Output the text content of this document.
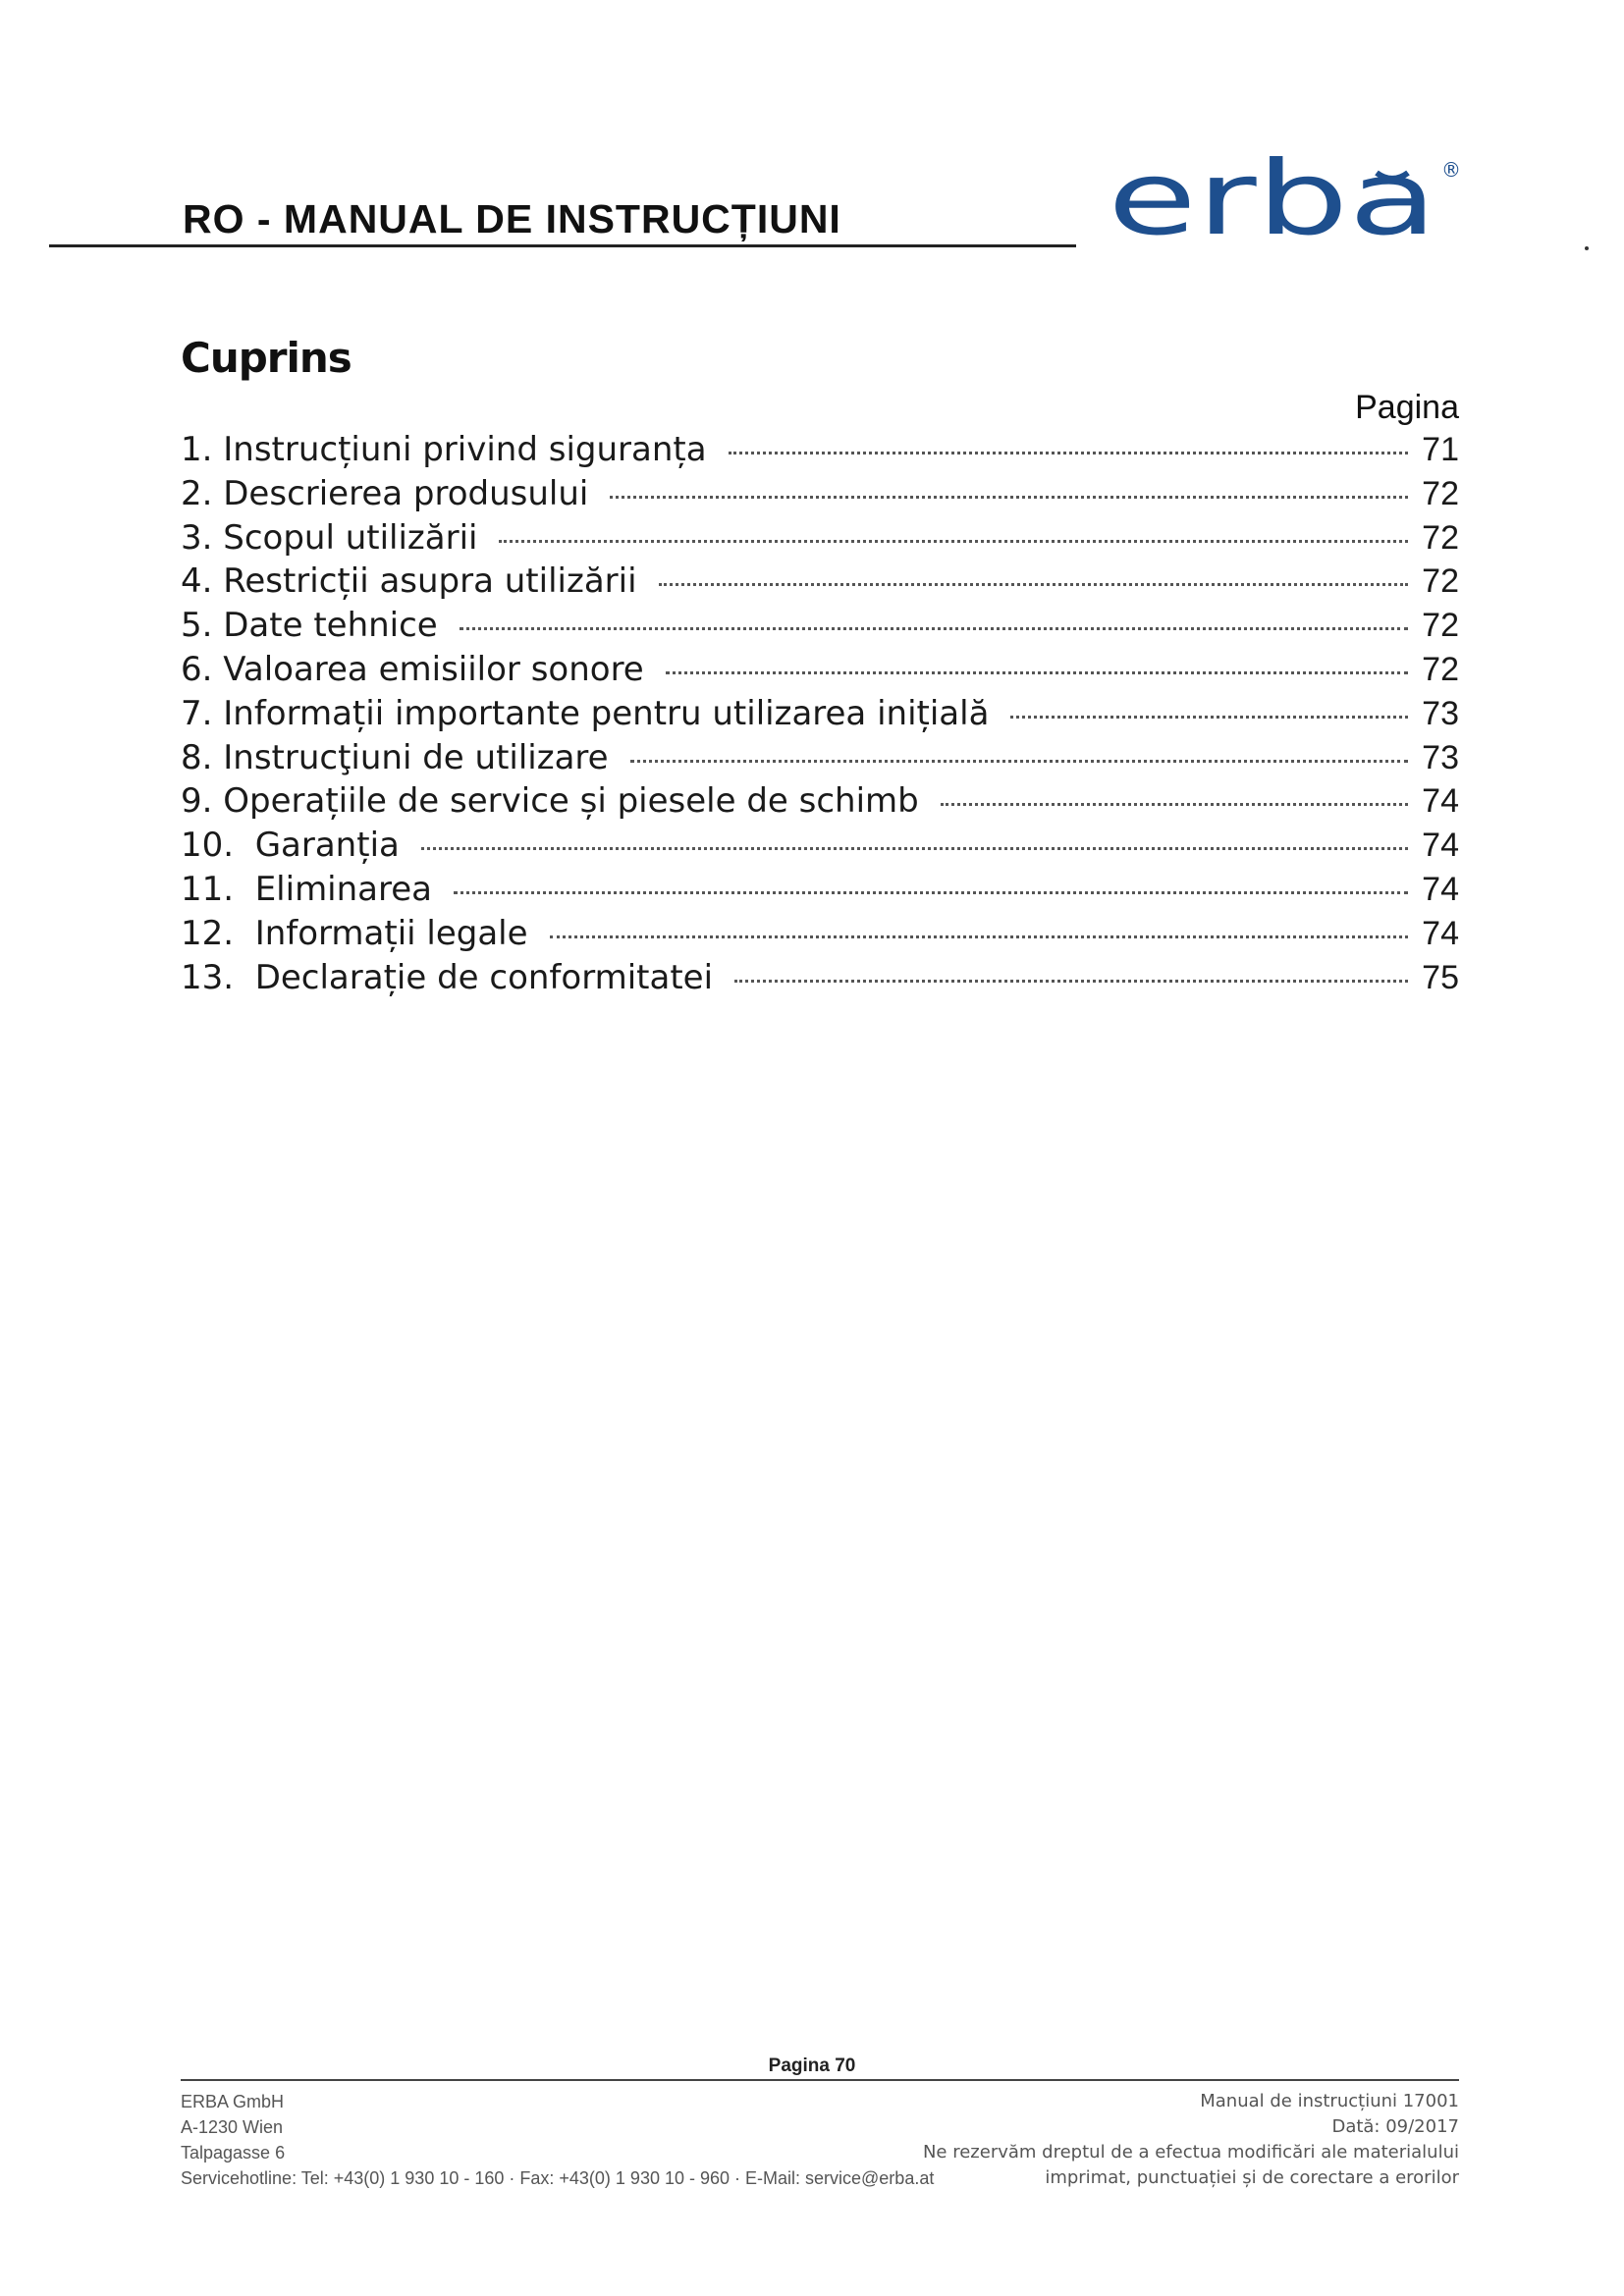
RO - MANUAL DE INSTRUCȚIUNI	erba ®
Cuprins
Pagina
1. Instrucțiuni privind siguranța	71
2. Descrierea produsului	72
3. Scopul utilizării	72
4. Restricții asupra utilizării	72
5. Date tehnice	72
6. Valoarea emisiilor sonore	72
7. Informații importante pentru utilizarea inițială	73
8. Instrucţiuni de utilizare	73
9. Operațiile de service și piesele de schimb	74
10. Garanția	74
11. Eliminarea	74
12. Informații legale	74
13. Declarație de conformitatei	75
Pagina 70
ERBA GmbH
A-1230 Wien
Talpagasse 6
Servicehotline: Tel: +43(0) 1 930 10 - 160 · Fax: +43(0) 1 930 10 - 960 · E-Mail: service@erba.at
Manual de instrucțiuni 17001
Dată: 09/2017
Ne rezervăm dreptul de a efectua modificări ale materialului
imprimat, punctuației și de corectare a erorilor
